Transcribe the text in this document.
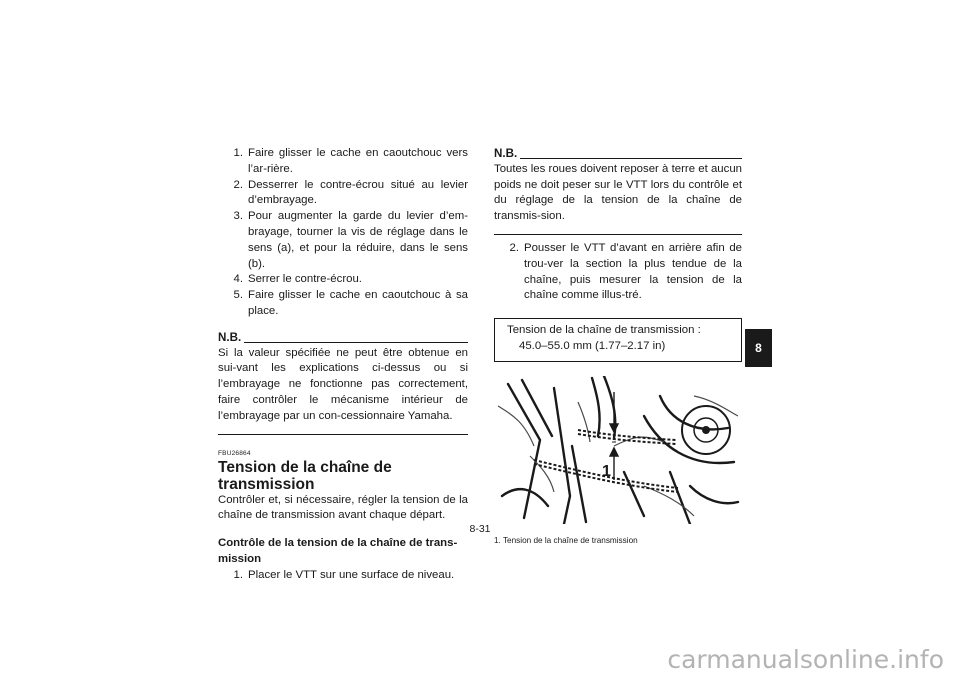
1. Faire glisser le cache en caoutchouc vers l’ar-rière.
2. Desserrer le contre-écrou situé au levier d’embrayage.
3. Pour augmenter la garde du levier d’em-brayage, tourner la vis de réglage dans le sens (a), et pour la réduire, dans le sens (b).
4. Serrer le contre-écrou.
5. Faire glisser le cache en caoutchouc à sa place.
N.B.
Si la valeur spécifiée ne peut être obtenue en sui-vant les explications ci-dessus ou si l’embrayage ne fonctionne pas correctement, faire contrôler le mécanisme intérieur de l’embrayage par un con-cessionnaire Yamaha.
FBU26864
Tension de la chaîne de transmission

Contrôler et, si nécessaire, régler la tension de la chaîne de transmission avant chaque départ.

Contrôle de la tension de la chaîne de trans-mission

1. Placer le VTT sur une surface de niveau.
N.B.
Toutes les roues doivent reposer à terre et aucun poids ne doit peser sur le VTT lors du contrôle et du réglage de la tension de la chaîne de transmis-sion.
2. Pousser le VTT d’avant en arrière afin de trou-ver la section la plus tendue de la chaîne, puis mesurer la tension de la chaîne comme illus-tré.
Tension de la chaîne de transmission :
45.0–55.0 mm (1.77–2.17 in)
1
1. Tension de la chaîne de transmission
8
8-31
carmanualsonline.info
